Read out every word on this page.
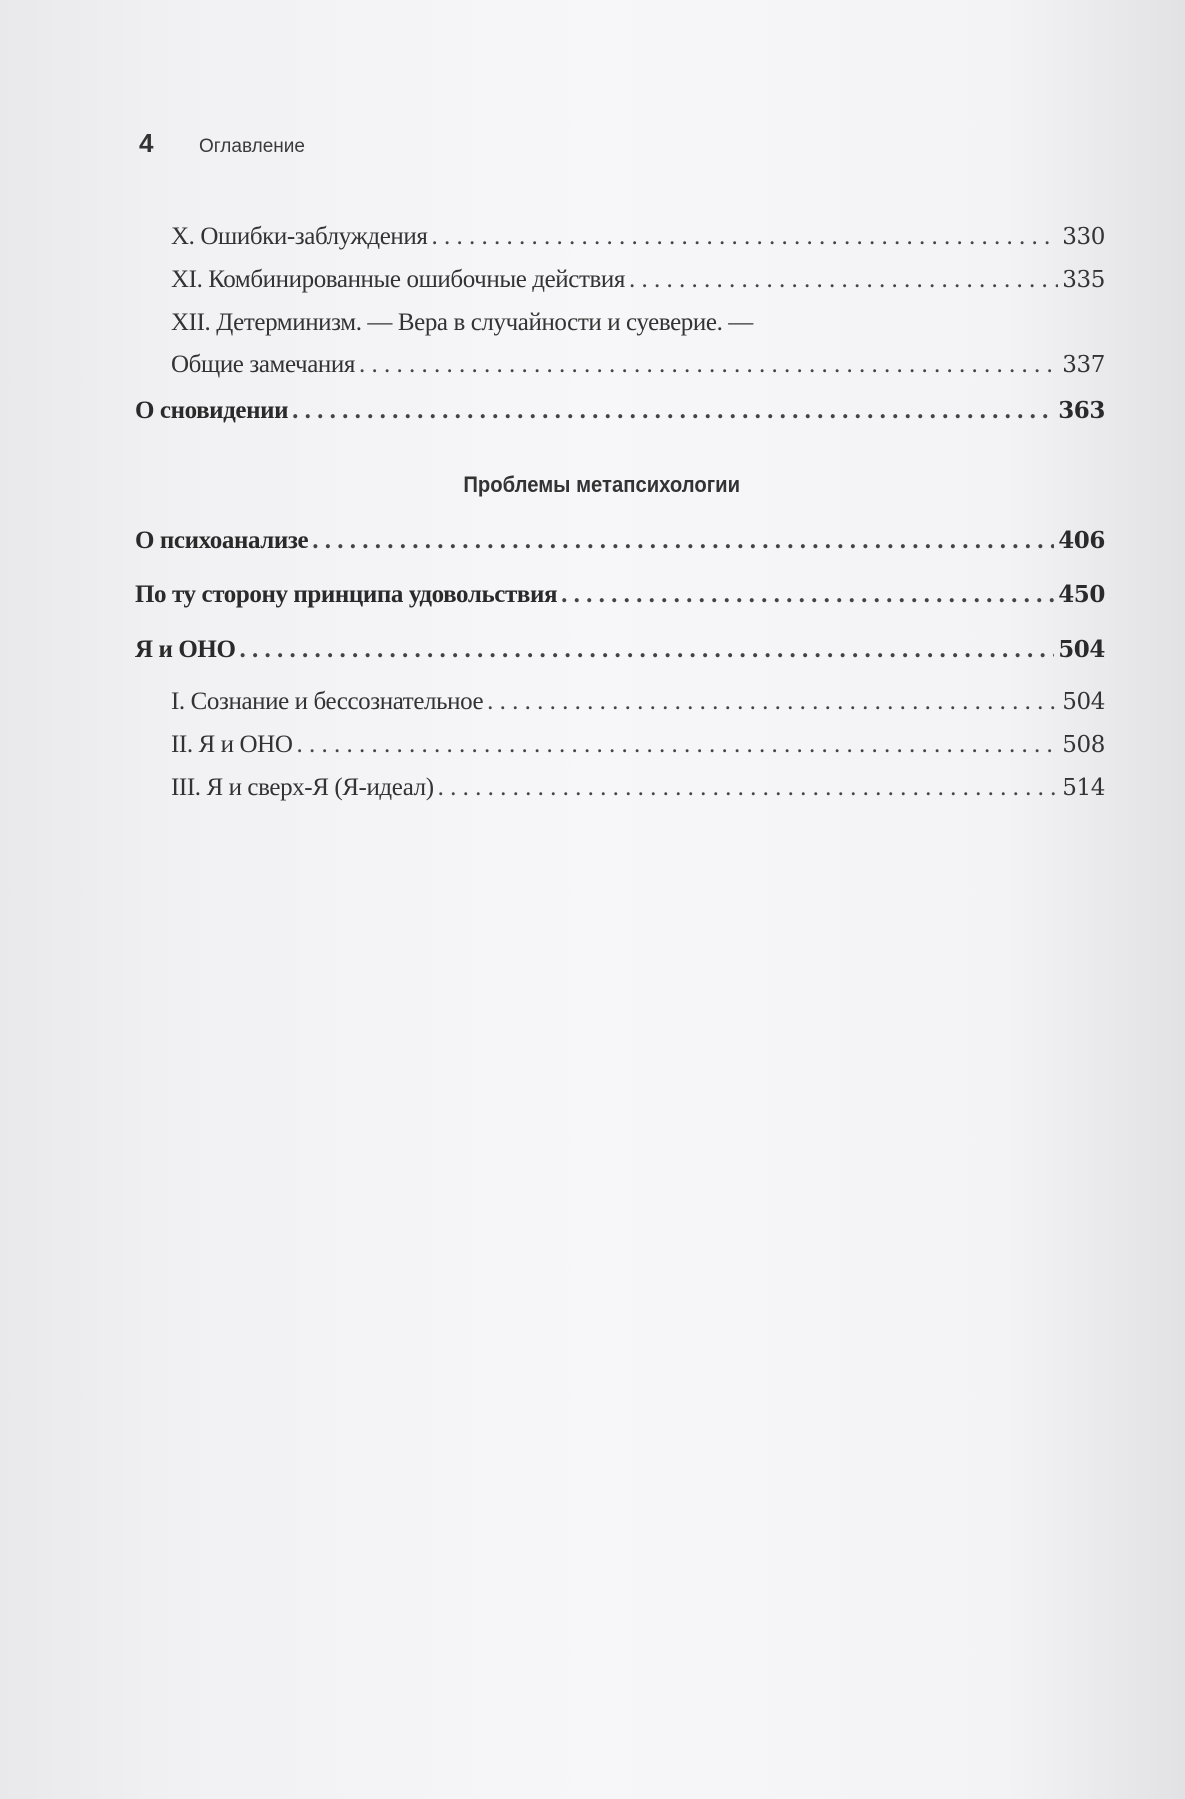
4	Оглавление
X. Ошибки-заблуждения . . .	330
XI. Комбинированные ошибочные действия . . .	335
XII. Детерминизм. — Вера в случайности и суеверие. —
Общие замечания . . .	337
О сновидении . . .	363
Проблемы метапсихологии
О психоанализе . . .	406
По ту сторону принципа удовольствия . . .	450
Я и ОНО . . .	504
I. Сознание и бессознательное . . .	504
II. Я и ОНО . . .	508
III. Я и сверх-Я (Я-идеал) . . .	514
